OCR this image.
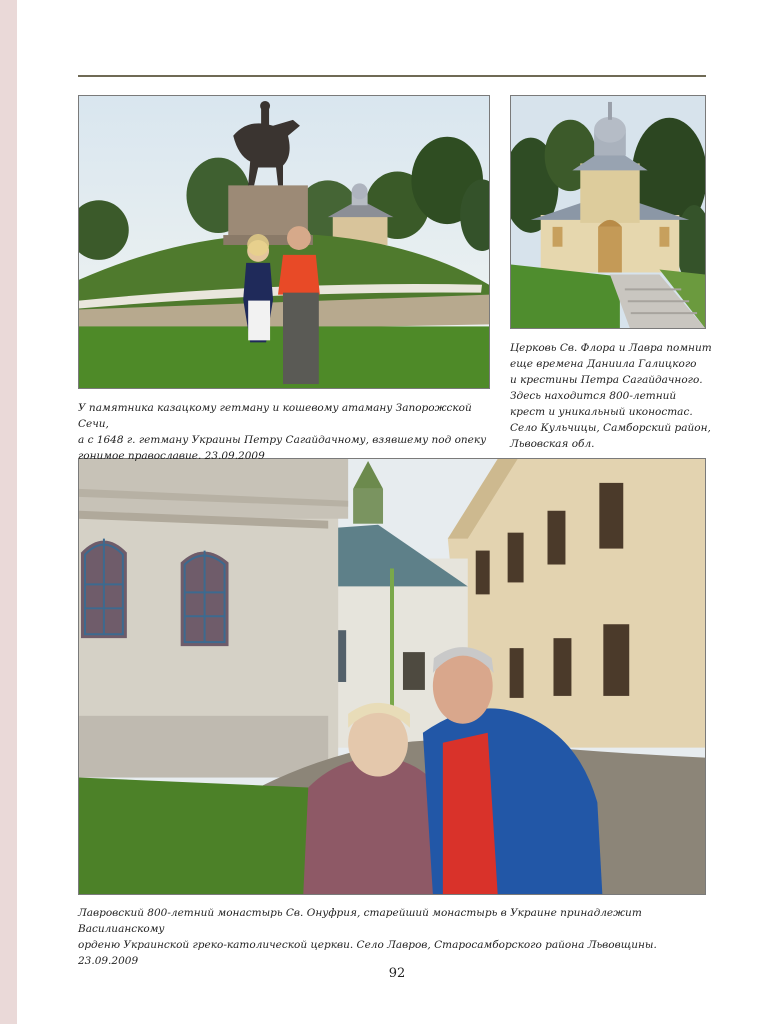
У памятника казацкому гетману и кошевому атаману Запорожской Сечи,
а с 1648 г. гетману Украины Петру Сагайдачному, взявшему под опеку
гонимое православие. 23.09.2009

Церковь Св. Флора и Лавра помнит
еще времена Даниила Галицкого
и крестины Петра Сагайдачного.
Здесь находится 800-летний
крест и уникальный иконостас.
Село Кульчицы, Самборский район,
Львовская обл.

Лавровский 800-летний монастырь Св. Онуфрия, старейший монастырь в Украине принадлежит Василианскому
орденю Украинской греко-католической церкви. Село Лавров, Старосамборского района Львовщины. 23.09.2009

92
